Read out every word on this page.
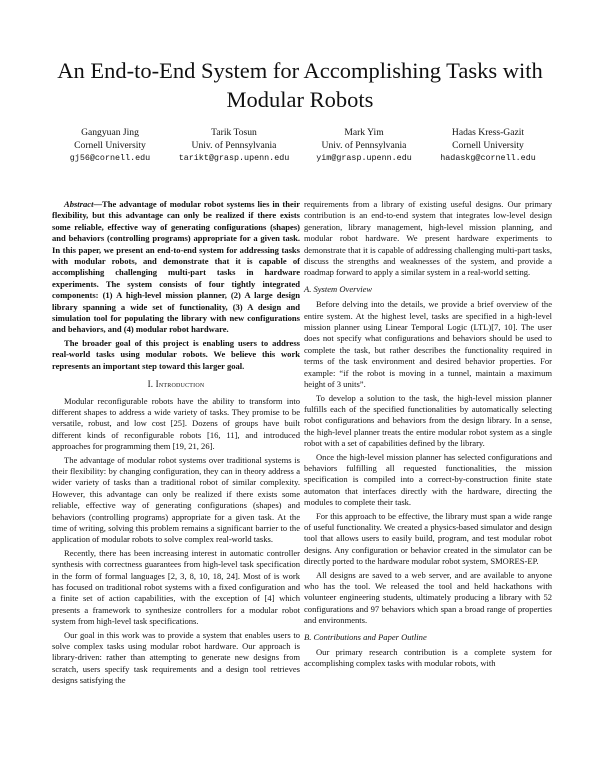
An End-to-End System for Accomplishing Tasks with Modular Robots
Gangyuan Jing
Cornell University
gj56@cornell.edu
Tarik Tosun
Univ. of Pennsylvania
tarikt@grasp.upenn.edu
Mark Yim
Univ. of Pennsylvania
yim@grasp.upenn.edu
Hadas Kress-Gazit
Cornell University
hadaskg@cornell.edu

Abstract—The advantage of modular robot systems lies in their flexibility, but this advantage can only be realized if there exists some reliable, effective way of generating configurations (shapes) and behaviors (controlling programs) appropriate for a given task. In this paper, we present an end-to-end system for addressing tasks with modular robots, and demonstrate that it is capable of accomplishing challenging multi-part tasks in hardware experiments. The system consists of four tightly integrated components: (1) A high-level mission planner, (2) A large design library spanning a wide set of functionality, (3) A design and simulation tool for populating the library with new configurations and behaviors, and (4) modular robot hardware.

The broader goal of this project is enabling users to address real-world tasks using modular robots. We believe this work represents an important step toward this larger goal.

I. Introduction

Modular reconfigurable robots have the ability to transform into different shapes to address a wide variety of tasks. They promise to be versatile, robust, and low cost [25]. Dozens of groups have built different kinds of reconfigurable robots [16, 11], and introduced approaches for programming them [19, 21, 26].

The advantage of modular robot systems over traditional systems is their flexibility: by changing configuration, they can in theory address a wider variety of tasks than a traditional robot of similar complexity. However, this advantage can only be realized if there exists some reliable, effective way of generating configurations (shapes) and behaviors (controlling programs) appropriate for a given task. At the time of writing, solving this problem remains a significant barrier to the application of modular robots to solve complex real-world tasks.

Recently, there has been increasing interest in automatic controller synthesis with correctness guarantees from high-level task specification in the form of formal languages [2, 3, 8, 10, 18, 24]. Most of is work has focused on traditional robot systems with a fixed configuration and a finite set of action capabilities, with the exception of [4] which presents a framework to synthesize controllers for a modular robot system from high-level task specifications.

Our goal in this work was to provide a system that enables users to solve complex tasks using modular robot hardware. Our approach is library-driven: rather than attempting to generate new designs from scratch, users specify task requirements and a design tool retrieves designs satisfying the

requirements from a library of existing useful designs. Our primary contribution is an end-to-end system that integrates low-level design generation, library management, high-level mission planning, and modular robot hardware. We present hardware experiments to demonstrate that it is capable of addressing challenging multi-part tasks, discuss the strengths and weaknesses of the system, and provide a roadmap forward to apply a similar system in a real-world setting.

A. System Overview

Before delving into the details, we provide a brief overview of the entire system. At the highest level, tasks are specified in a high-level mission planner using Linear Temporal Logic (LTL)[7, 10]. The user does not specify what configurations and behaviors should be used to complete the task, but rather describes the functionality required in terms of the task environment and desired behavior properties. For example: “if the robot is moving in a tunnel, maintain a maximum height of 3 units”.

To develop a solution to the task, the high-level mission planner fulfills each of the specified functionalities by automatically selecting robot configurations and behaviors from the design library. In a sense, the high-level planner treats the entire modular robot system as a single robot with a set of capabilities defined by the library.

Once the high-level mission planner has selected configurations and behaviors fulfilling all requested functionalities, the mission specification is compiled into a correct-by-construction finite state automaton that interfaces directly with the hardware, directing the modules to complete their task.

For this approach to be effective, the library must span a wide range of useful functionality. We created a physics-based simulator and design tool that allows users to easily build, program, and test modular robot designs. Any configuration or behavior created in the simulator can be directly ported to the hardware modular robot system, SMORES-EP.

All designs are saved to a web server, and are available to anyone who has the tool. We released the tool and held hackathons with volunteer engineering students, ultimately producing a library with 52 configurations and 97 behaviors which span a broad range of properties and environments.

B. Contributions and Paper Outline

Our primary research contribution is a complete system for accomplishing complex tasks with modular robots, with
